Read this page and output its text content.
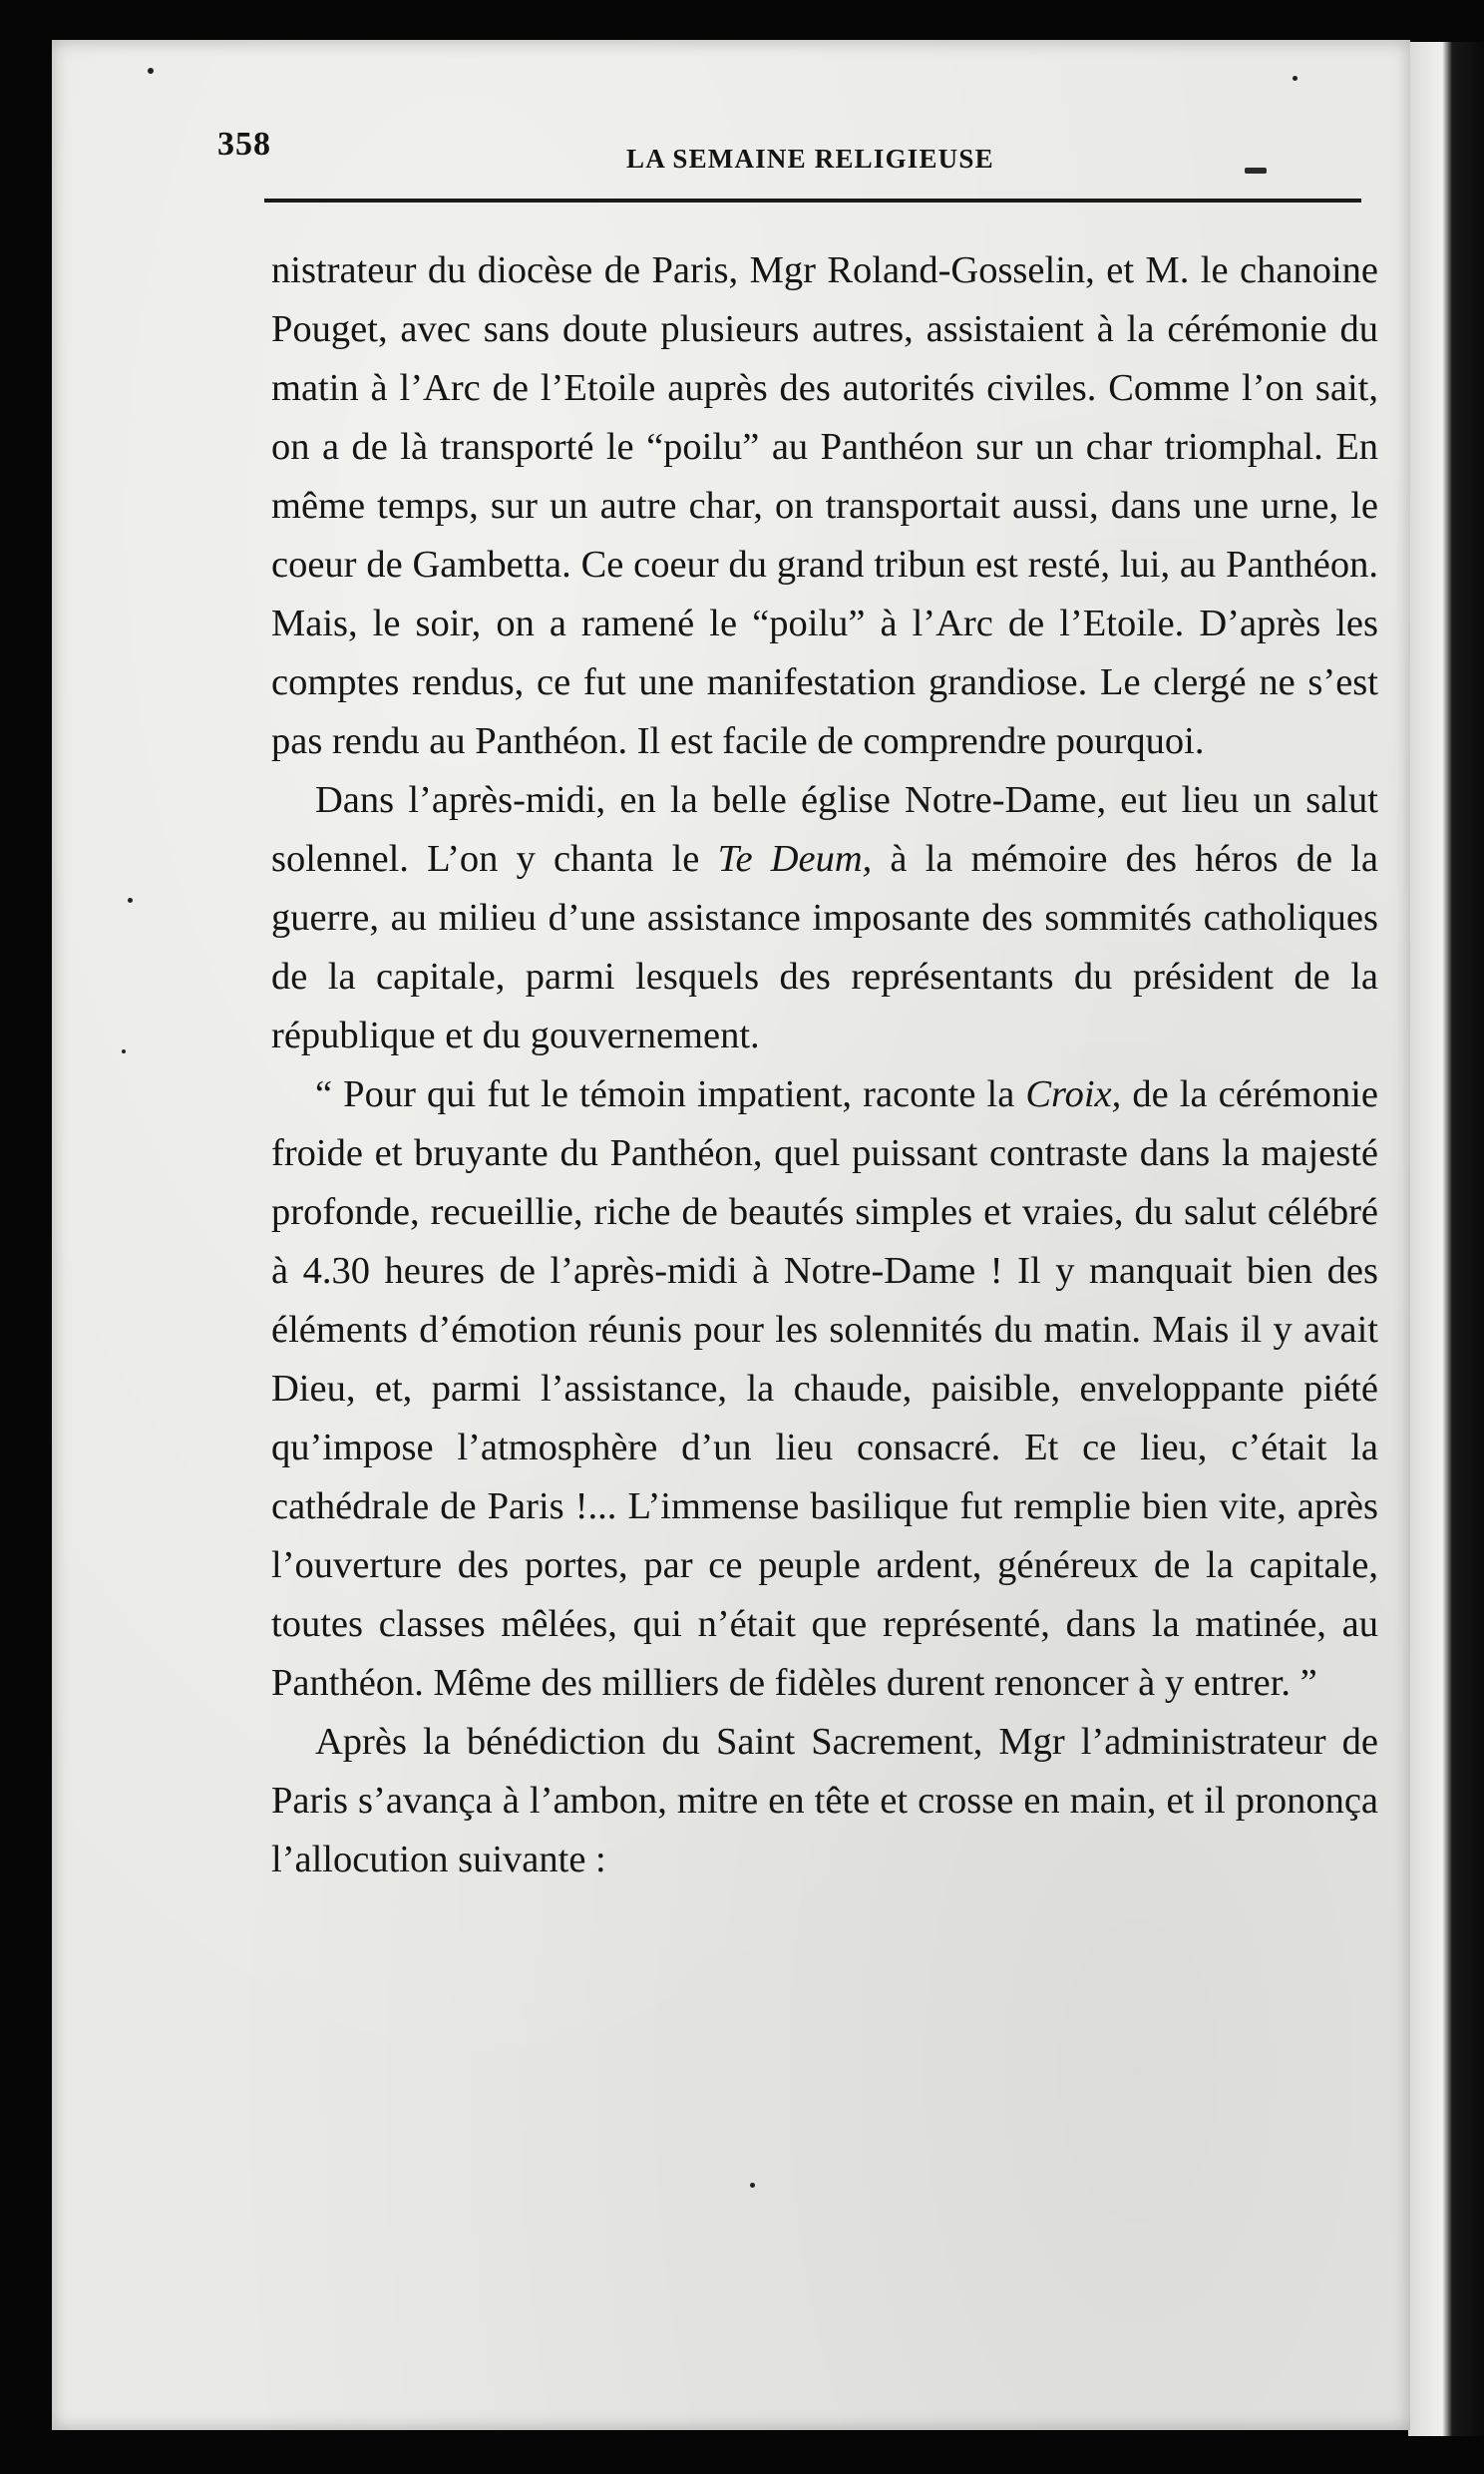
358	LA SEMAINE RELIGIEUSE

nistrateur du diocèse de Paris, Mgr Roland-Gosselin, et M. le chanoine Pouget, avec sans doute plusieurs autres, assistaient à la cérémonie du matin à l’Arc de l’Etoile auprès des autorités civiles. Comme l’on sait, on a de là transporté le “poilu” au Panthéon sur un char triomphal. En même temps, sur un autre char, on transportait aussi, dans une urne, le coeur de Gambetta. Ce coeur du grand tribun est resté, lui, au Panthéon. Mais, le soir, on a ramené le “poilu” à l’Arc de l’Etoile. D’après les comptes rendus, ce fut une manifestation grandiose. Le clergé ne s’est pas rendu au Panthéon. Il est facile de comprendre pourquoi.

Dans l’après-midi, en la belle église Notre-Dame, eut lieu un salut solennel. L’on y chanta le Te Deum, à la mémoire des héros de la guerre, au milieu d’une assistance imposante des sommités catholiques de la capitale, parmi lesquels des représentants du président de la république et du gouvernement.

“ Pour qui fut le témoin impatient, raconte la Croix, de la cérémonie froide et bruyante du Panthéon, quel puissant contraste dans la majesté profonde, recueillie, riche de beautés simples et vraies, du salut célébré à 4.30 heures de l’après-midi à Notre-Dame ! Il y manquait bien des éléments d’émotion réunis pour les solennités du matin. Mais il y avait Dieu, et, parmi l’assistance, la chaude, paisible, enveloppante piété qu’impose l’atmosphère d’un lieu consacré. Et ce lieu, c’était la cathédrale de Paris !... L’immense basilique fut remplie bien vite, après l’ouverture des portes, par ce peuple ardent, généreux de la capitale, toutes classes mêlées, qui n’était que représenté, dans la matinée, au Panthéon. Même des milliers de fidèles durent renoncer à y entrer. ”

Après la bénédiction du Saint Sacrement, Mgr l’administrateur de Paris s’avança à l’ambon, mitre en tête et crosse en main, et il prononça l’allocution suivante :
